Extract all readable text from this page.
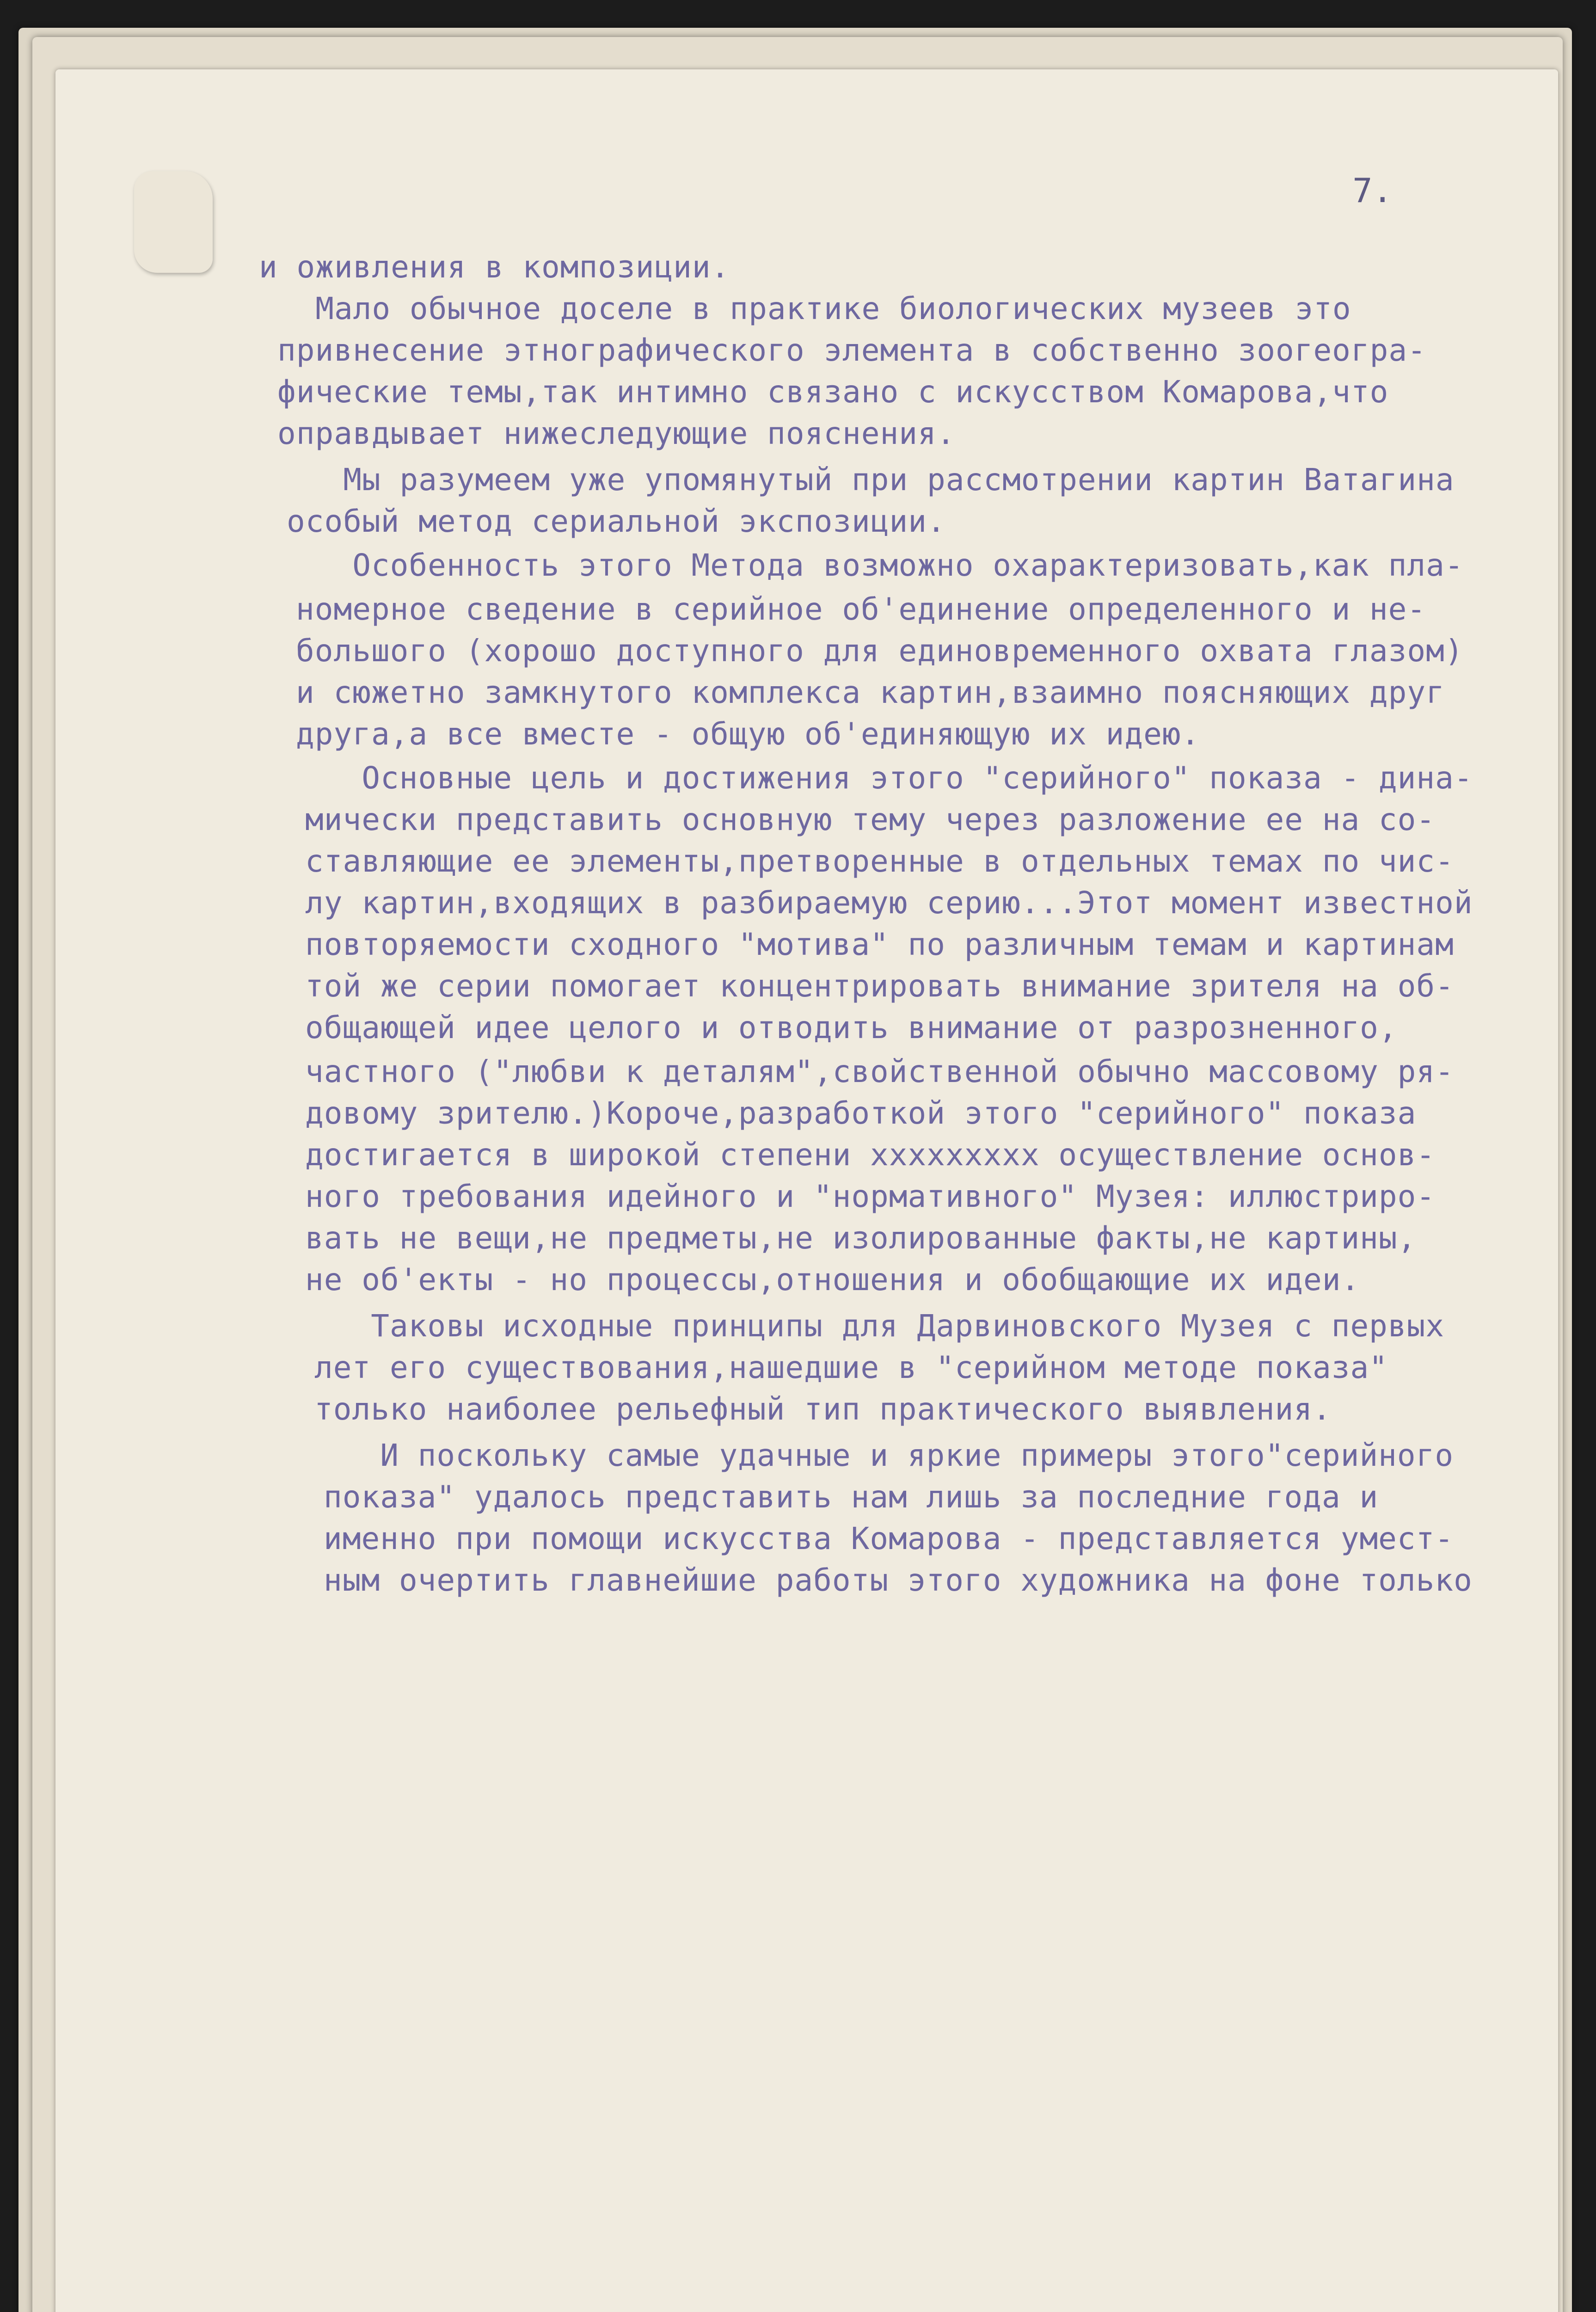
7.
и оживления в композиции.
Мало обычное доселе в практике биологических музеев это
привнесение этнографического элемента в собственно зоогеогра-
фические темы,так интимно связано с искусством Комарова,что
оправдывает нижеследующие пояснения.
Мы разумеем уже упомянутый при рассмотрении картин Ватагина
особый метод сериальной экспозиции.
Особенность этого Метода возможно охарактеризовать,как пла-
номерное сведение в серийное об'единение определенного и не-
большого (хорошо доступного для единовременного охвата глазом)
и сюжетно замкнутого комплекса картин,взаимно поясняющих друг
друга,а все вместе - общую об'единяющую их идею.
Основные цель и достижения этого "серийного" показа - дина-
мически представить основную тему через разложение ее на со-
ставляющие ее элементы,претворенные в отдельных темах по чис-
лу картин,входящих в разбираемую серию...Этот момент известной
повторяемости сходного "мотива" по различным темам и картинам
той же серии помогает концентрировать внимание зрителя на об-
общающей идее целого и отводить внимание от разрозненного,
частного ("любви к деталям",свойственной обычно массовому ря-
довому зрителю.)Короче,разработкой этого "серийного" показа
достигается в широкой степени xxxxxxxxx осуществление основ-
ного требования идейного и "нормативного" Музея: иллюстриро-
вать не вещи,не предметы,не изолированные факты,не картины,
не об'екты - но процессы,отношения и обобщающие их идеи.
Таковы исходные принципы для Дарвиновского Музея с первых
лет его существования,нашедшие в "серийном методе показа"
только наиболее рельефный тип практического выявления.
И поскольку самые удачные и яркие примеры этого"серийного
показа" удалось представить нам лишь за последние года и
именно при помощи искусства Комарова - представляется умест-
ным очертить главнейшие работы этого художника на фоне только
